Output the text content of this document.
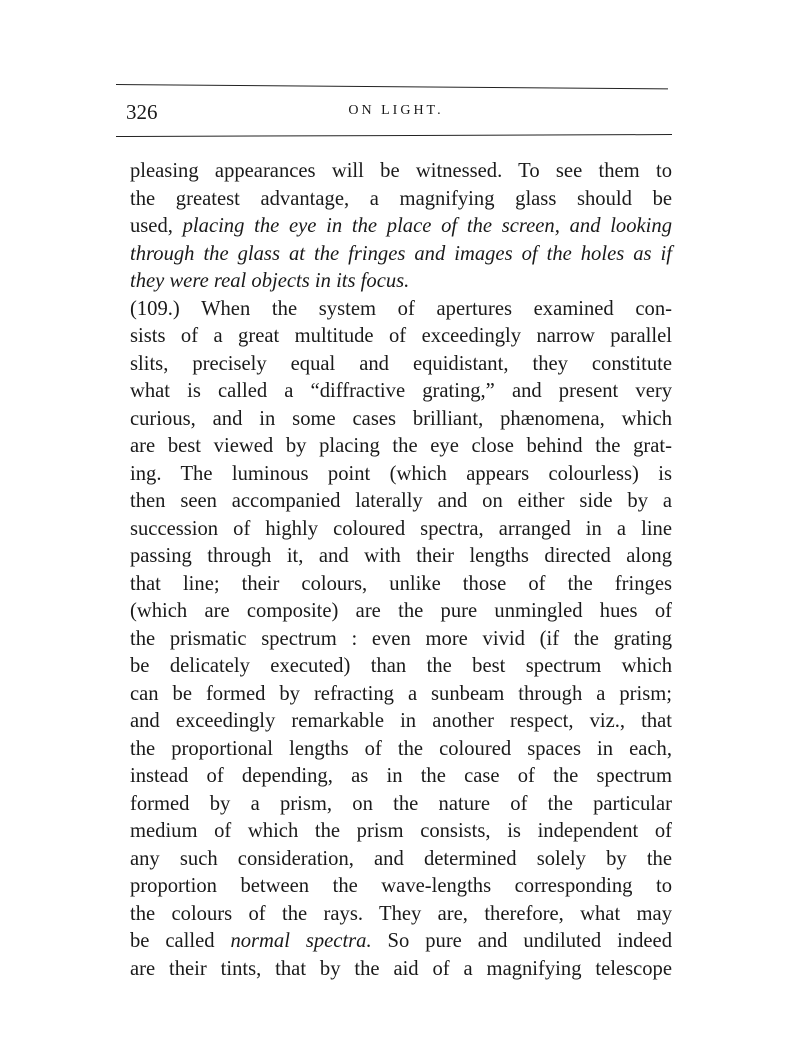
326	ON LIGHT.
pleasing appearances will be witnessed. To see them to
the greatest advantage, a magnifying glass should be
used, placing the eye in the place of the screen, and looking
through the glass at the fringes and images of the holes as if
they were real objects in its focus.
(109.) When the system of apertures examined con-
sists of a great multitude of exceedingly narrow parallel
slits, precisely equal and equidistant, they constitute
what is called a “diffractive grating,” and present very
curious, and in some cases brilliant, phænomena, which
are best viewed by placing the eye close behind the grat-
ing. The luminous point (which appears colourless) is
then seen accompanied laterally and on either side by a
succession of highly coloured spectra, arranged in a line
passing through it, and with their lengths directed along
that line; their colours, unlike those of the fringes
(which are composite) are the pure unmingled hues of
the prismatic spectrum : even more vivid (if the grating
be delicately executed) than the best spectrum which
can be formed by refracting a sunbeam through a prism;
and exceedingly remarkable in another respect, viz., that
the proportional lengths of the coloured spaces in each,
instead of depending, as in the case of the spectrum
formed by a prism, on the nature of the particular
medium of which the prism consists, is independent of
any such consideration, and determined solely by the
proportion between the wave-lengths corresponding to
the colours of the rays. They are, therefore, what may
be called normal spectra. So pure and undiluted indeed
are their tints, that by the aid of a magnifying telescope
